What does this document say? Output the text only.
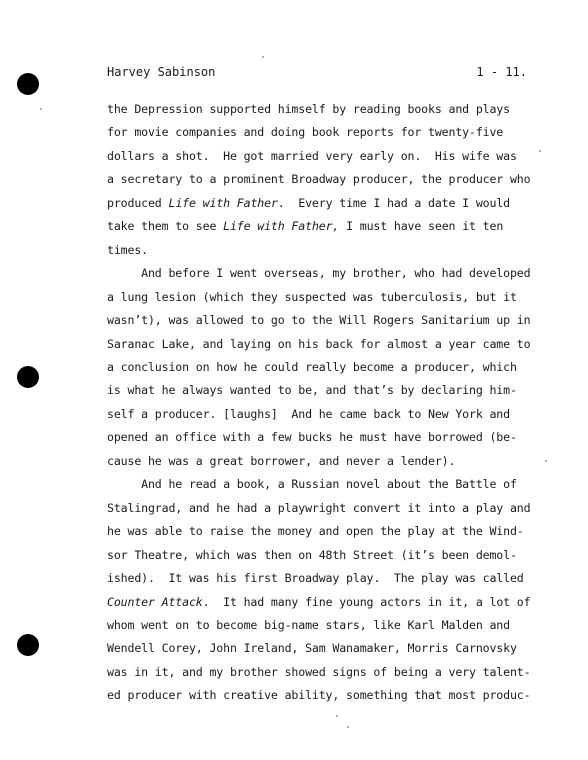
Harvey Sabinson	1 - 11.
the Depression supported himself by reading books and plays
for movie companies and doing book reports for twenty-five
dollars a shot.  He got married very early on.  His wife was
a secretary to a prominent Broadway producer, the producer who
produced Life with Father.  Every time I had a date I would
take them to see Life with Father, I must have seen it ten
times.
And before I went overseas, my brother, who had developed
a lung lesion (which they suspected was tuberculosis, but it
wasn’t), was allowed to go to the Will Rogers Sanitarium up in
Saranac Lake, and laying on his back for almost a year came to
a conclusion on how he could really become a producer, which
is what he always wanted to be, and that’s by declaring him-
self a producer. [laughs]  And he came back to New York and
opened an office with a few bucks he must have borrowed (be-
cause he was a great borrower, and never a lender).
And he read a book, a Russian novel about the Battle of
Stalingrad, and he had a playwright convert it into a play and
he was able to raise the money and open the play at the Wind-
sor Theatre, which was then on 48th Street (it’s been demol-
ished).  It was his first Broadway play.  The play was called
Counter Attack.  It had many fine young actors in it, a lot of
whom went on to become big-name stars, like Karl Malden and
Wendell Corey, John Ireland, Sam Wanamaker, Morris Carnovsky
was in it, and my brother showed signs of being a very talent-
ed producer with creative ability, something that most produc-
